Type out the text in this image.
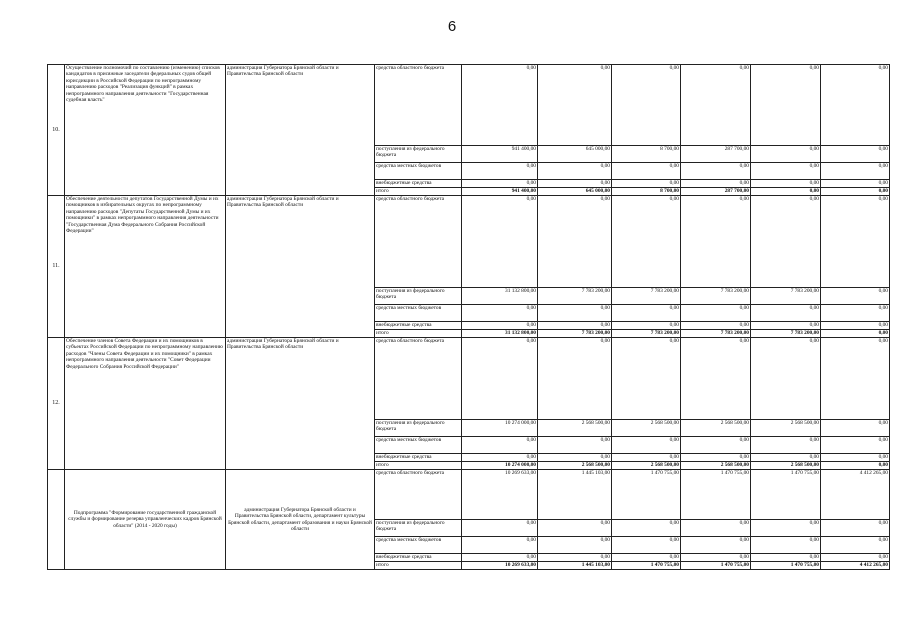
6
10.	Осуществление полномочий по составлению (изменению) списков кандидатов в присяжные заседатели федеральных судов общей юрисдикции в Российской Федерации по непрограммному направлению расходов "Реализация функций" в рамках непрограммного направления деятельности "Государственная судебная власть"	администрация Губернатора Брянской области и Правительства Брянской области	средства областного бюджета	0,00	0,00	0,00	0,00	0,00	0,00
			поступления из федерального бюджета	941 400,00	645 000,00	8 700,00	287 700,00	0,00	0,00
			средства местных бюджетов	0,00	0,00	0,00	0,00	0,00	0,00
			внебюджетные средства	0,00	0,00	0,00	0,00	0,00	0,00
			итого	941 400,00	645 000,00	8 700,00	287 700,00	0,00	0,00
11.	Обеспечение деятельности депутатов Государственной Думы и их помощников в избирательных округах по непрограммному направлению расходов "Депутаты Государственной Думы и их помощники" в рамках непрограммного направления деятельности "Государственная Дума Федерального Собрания Российской Федерации"	администрация Губернатора Брянской области и Правительства Брянской области	средства областного бюджета	0,00	0,00	0,00	0,00	0,00	0,00
			поступления из федерального бюджета	31 132 800,00	7 783 200,00	7 783 200,00	7 783 200,00	7 783 200,00	0,00
			средства местных бюджетов	0,00	0,00	0,00	0,00	0,00	0,00
			внебюджетные средства	0,00	0,00	0,00	0,00	0,00	0,00
			итого	31 132 800,00	7 783 200,00	7 783 200,00	7 783 200,00	7 783 200,00	0,00
12.	Обеспечение членов Совета Федерации и их помощников в субъектах Российской Федерации по непрограммному направлению расходов "Члены Совета Федерации и их помощники" в рамках непрограммного направления деятельности "Совет Федерации Федерального Собрания Российской Федерации"	администрация Губернатора Брянской области и Правительства Брянской области	средства областного бюджета	0,00	0,00	0,00	0,00	0,00	0,00
			поступления из федерального бюджета	10 274 000,00	2 568 500,00	2 568 500,00	2 568 500,00	2 568 500,00	0,00
			средства местных бюджетов	0,00	0,00	0,00	0,00	0,00	0,00
			внебюджетные средства	0,00	0,00	0,00	0,00	0,00	0,00
			итого	10 274 000,00	2 568 500,00	2 568 500,00	2 568 500,00	2 568 500,00	0,00
	Подпрограмма "Формирование государственной гражданской службы и формирование резерва управленческих кадров Брянской области" (2014 - 2020 годы)	администрация Губернатора Брянской области и Правительства Брянской области, департамент культуры Брянской области, департамент образования и науки Брянской области	средства областного бюджета	10 269 633,00	1 445 103,00	1 470 755,00	1 470 755,00	1 470 755,00	4 412 265,00
			поступления из федерального бюджета	0,00	0,00	0,00	0,00	0,00	0,00
			средства местных бюджетов	0,00	0,00	0,00	0,00	0,00	0,00
			внебюджетные средства	0,00	0,00	0,00	0,00	0,00	0,00
			итого	10 269 633,00	1 445 103,00	1 470 755,00	1 470 755,00	1 470 755,00	4 412 265,00
